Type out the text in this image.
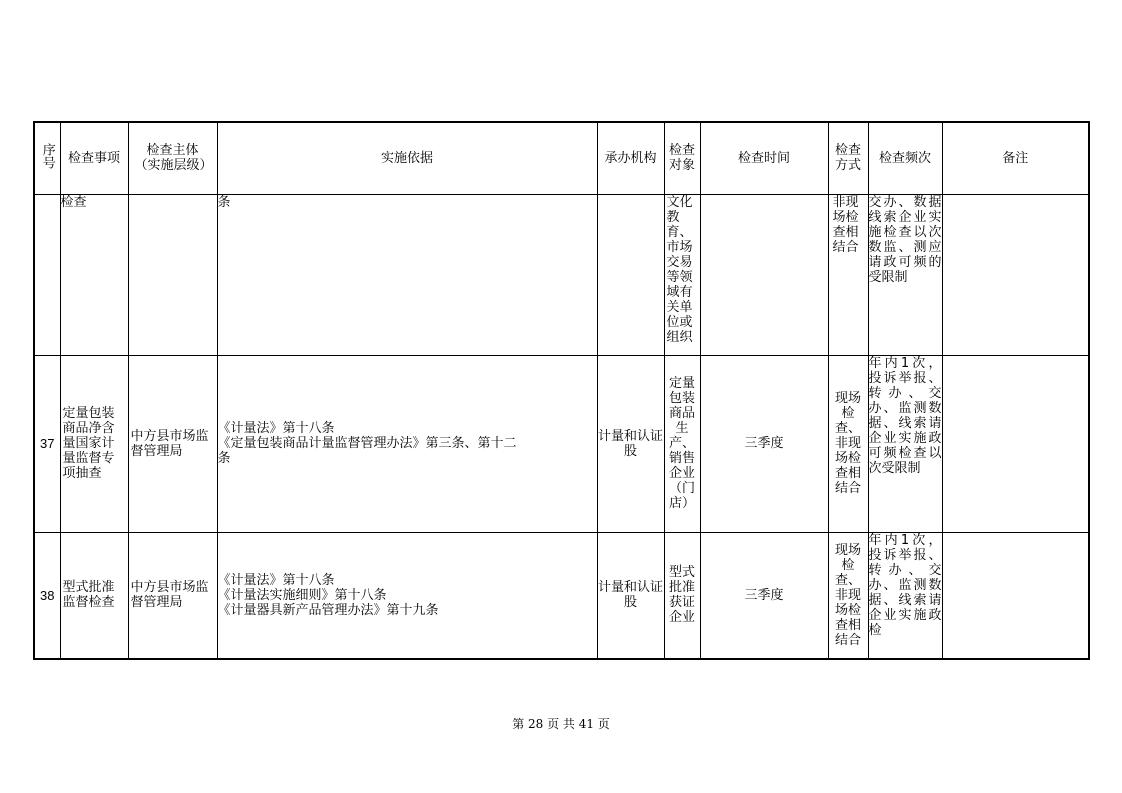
序号	检查事项	检查主体（实施层级）	实施依据	承办机构	检查对象	检查时间	检查方式	检查频次	备注
	检查		条		文化教育、市场交易等领域有关单位或组织		非现场检查相结合	交办、数据线索企业实施检查以次数监、测应请政可频的受限制	
37	定量包装商品净含量国家计量监督专项抽查	中方县市场监督管理局	《计量法》第十八条
《定量包装商品计量监督管理办法》第三条、第十二
条	计量和认证股	定量包装商品生产、销售企业（门店）	三季度	现场检查、非现场检查相结合	年内1次，投诉举报、转办、交办、监测数据、线索请企业实施政可频检查以次受限制	
38	型式批准监督检查	中方县市场监督管理局	《计量法》第十八条
《计量法实施细则》第十八条
《计量器具新产品管理办法》第十九条	计量和认证股	型式批准获证企业	三季度	现场检查、非现场检查相结合	年内1次，投诉举报、转办、交办、监测数据、线索请企业实施政检	
第 28 页 共 41 页
